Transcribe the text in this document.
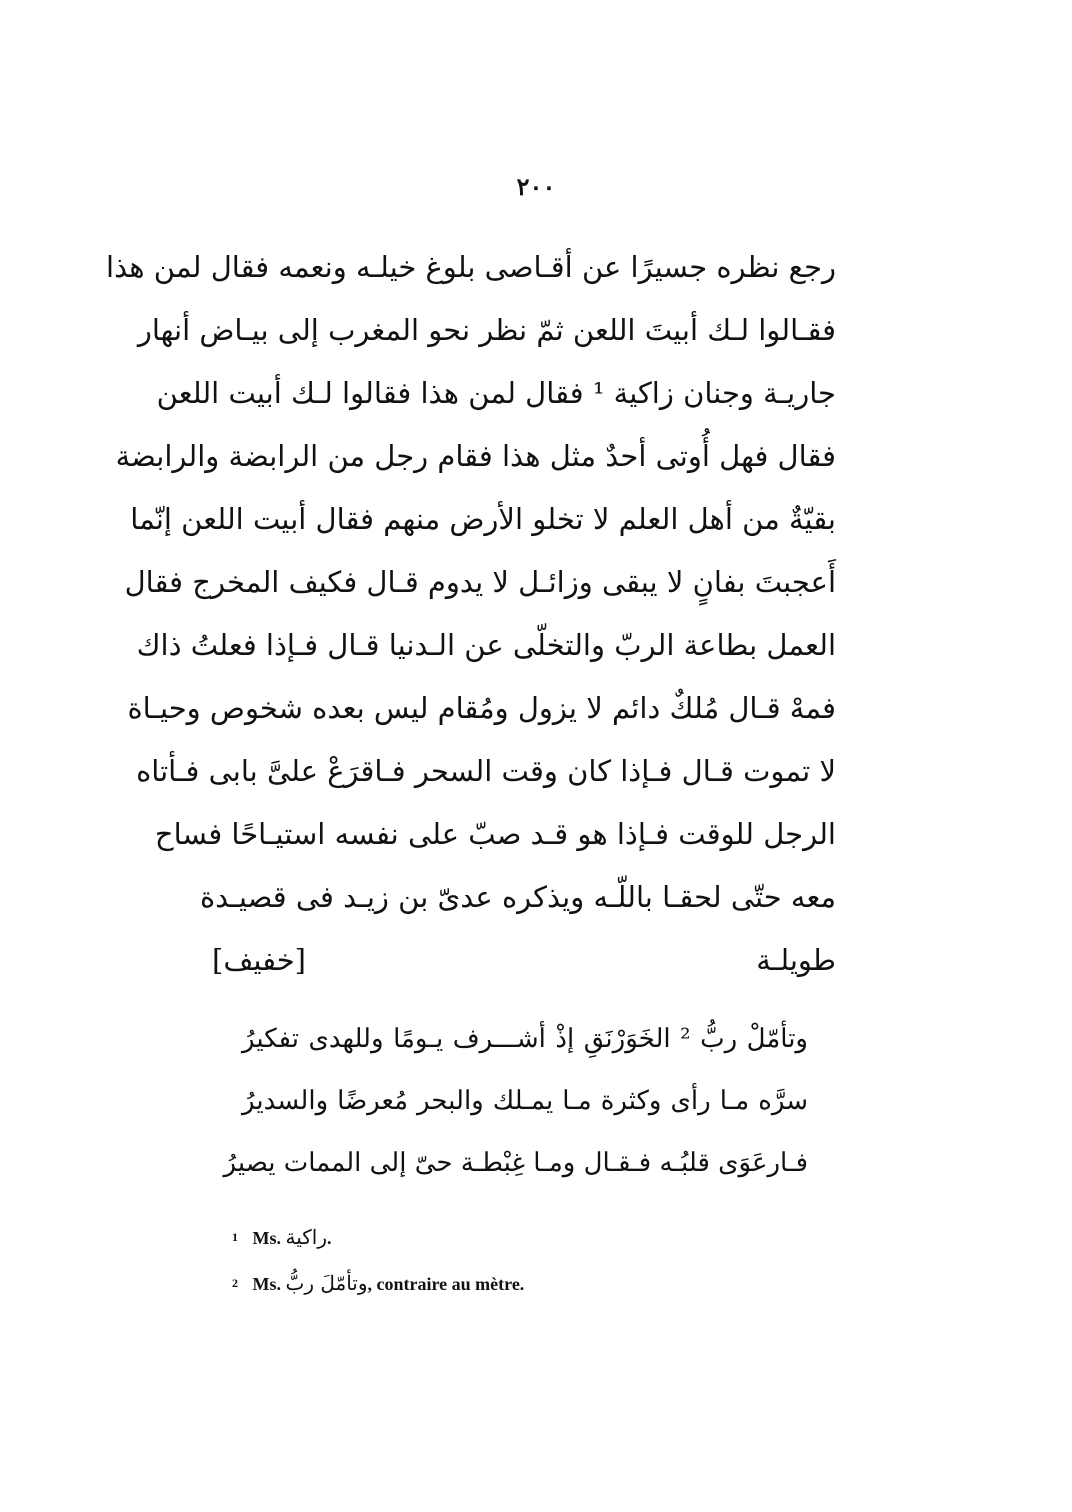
٢٠٠
رجع نظره جسيرًا عن أقـاصى بلوغ خيلـه ونعمه فقال لمن هذا
فقـالوا لـك أبيتَ اللعن ثمّ نظر نحو المغرب إلى بيـاض أنهار
جاريـة وجنان زاكية ¹ فقال لمن هذا فقالوا لـك أبيت اللعن
فقال فهل أُوتى أحدٌ مثل هذا فقام رجل من الرابضة والرابضة
بقيّةٌ من أهل العلم لا تخلو الأرض منهم فقال أبيت اللعن إنّما
أَعجبتَ بفانٍ لا يبقى وزائـل لا يدوم قـال فكيف المخرج فقال
العمل بطاعة الربّ والتخلّى عن الـدنيا قـال فـإذا فعلتُ ذاك
فمهْ قـال مُلكٌ دائم لا يزول ومُقام ليس بعده شخوص وحيـاة
لا تموت قـال فـإذا كان وقت السحر فـاقرَعْ علىَّ بابى فـأتاه
الرجل للوقت فـإذا هو قـد صبّ على نفسه استيـاحًا فساح
معه حتّى لحقـا باللّـه ويذكره عدىّ بن زيـد فى قصيـدة
طويلـة
[خفيف]
وتأمّلْ ربُّ ² الخَوَرْنَقِ إذْ أشـــرف يـومًا وللهدى تفكيرُ
سرَّه مـا رأى وكثرة مـا يمـلك والبحر مُعرضًا والسديرُ
فـارعَوَى قلبُـه فـقـال ومـا غِبْطـة حىّ إلى الممات يصيرُ
$^1$ Ms. راكية.
$^2$ Ms. وتأمّلَ ربُّ, contraire au mètre.
